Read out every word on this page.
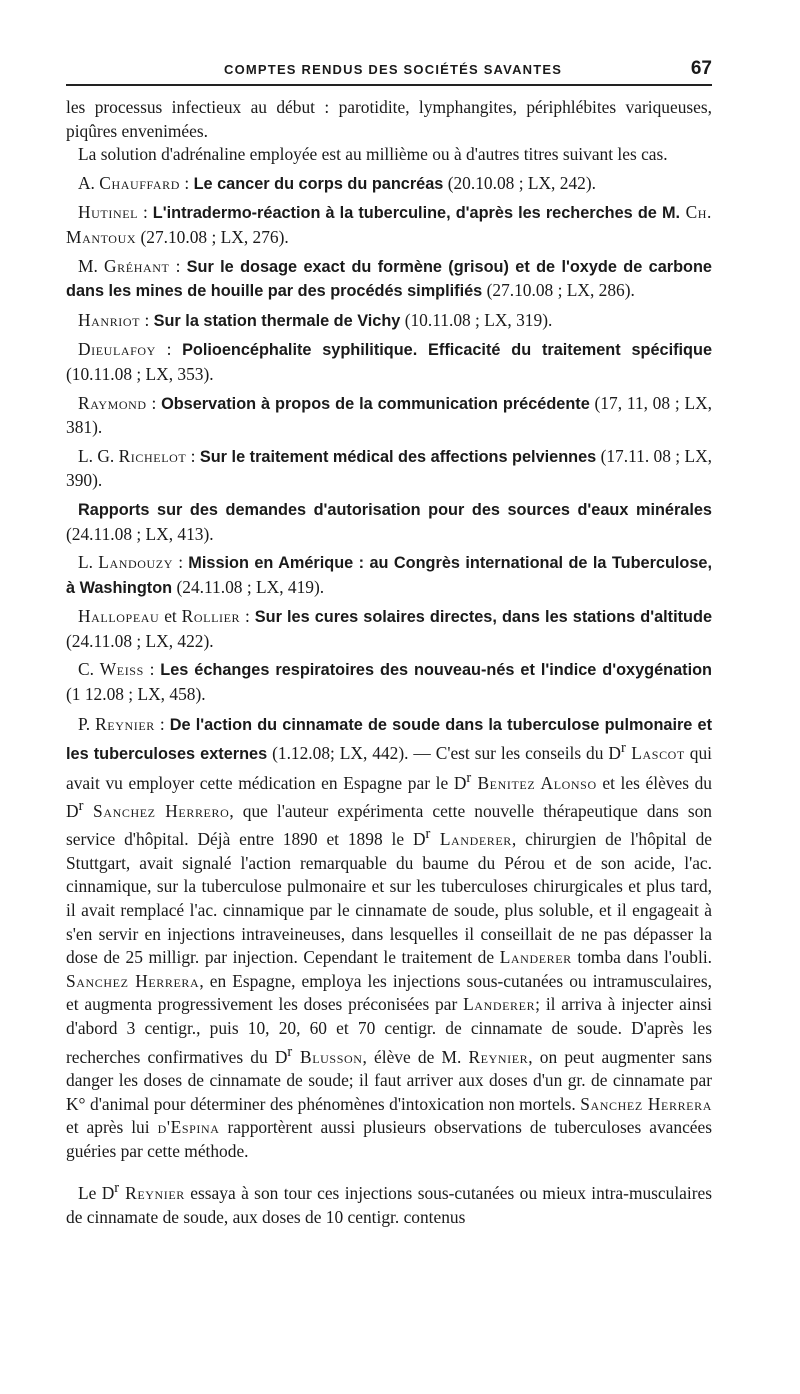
COMPTES RENDUS DES SOCIÉTÉS SAVANTES	67

les processus infectieux au début : parotidite, lymphangites, périphlébites variqueuses, piqûres envenimées.

La solution d'adrénaline employée est au millième ou à d'autres titres suivant les cas.

A. Chauffard : Le cancer du corps du pancréas (20.10.08 ; LX, 242).

Hutinel : L'intradermo-réaction à la tuberculine, d'après les recherches de M. Ch. Mantoux (27.10.08 ; LX, 276).

M. Gréhant : Sur le dosage exact du formène (grisou) et de l'oxyde de carbone dans les mines de houille par des procédés simplifiés (27.10.08 ; LX, 286).

Hanriot : Sur la station thermale de Vichy (10.11.08 ; LX, 319).

Dieulafoy : Polioencéphalite syphilitique. Efficacité du traitement spécifique (10.11.08 ; LX, 353).

Raymond : Observation à propos de la communication précédente (17, 11, 08 ; LX, 381).

L. G. Richelot : Sur le traitement médical des affections pelviennes (17.11. 08 ; LX, 390).

Rapports sur des demandes d'autorisation pour des sources d'eaux minérales (24.11.08 ; LX, 413).

L. Landouzy : Mission en Amérique : au Congrès international de la Tuberculose, à Washington (24.11.08 ; LX, 419).

Hallopeau et Rollier : Sur les cures solaires directes, dans les stations d'altitude (24.11.08 ; LX, 422).

C. Weiss : Les échanges respiratoires des nouveau-nés et l'indice d'oxygénation (1 12.08 ; LX, 458).

P. Reynier : De l'action du cinnamate de soude dans la tuberculose pulmonaire et les tuberculoses externes (1.12.08; LX, 442). — C'est sur les conseils du $D^r$ Lascot qui avait vu employer cette médication en Espagne par le $D^r$ Benitez Alonso et les élèves du $D^r$ Sanchez Herrero, que l'auteur expérimenta cette nouvelle thérapeutique dans son service d'hôpital. Déjà entre 1890 et 1898 le $D^r$ Landerer, chirurgien de l'hôpital de Stuttgart, avait signalé l'action remarquable du baume du Pérou et de son acide, l'ac. cinnamique, sur la tuberculose pulmonaire et sur les tuberculoses chirurgicales et plus tard, il avait remplacé l'ac. cinnamique par le cinnamate de soude, plus soluble, et il engageait à s'en servir en injections intraveineuses, dans lesquelles il conseillait de ne pas dépasser la dose de 25 milligr. par injection. Cependant le traitement de Landerer tomba dans l'oubli. Sanchez Herrera, en Espagne, employa les injections sous-cutanées ou intramusculaires, et augmenta progressivement les doses préconisées par Landerer; il arriva à injecter ainsi d'abord 3 centigr., puis 10, 20, 60 et 70 centigr. de cinnamate de soude. D'après les recherches confirmatives du $D^r$ Blusson, élève de M. Reynier, on peut augmenter sans danger les doses de cinnamate de soude; il faut arriver aux doses d'un gr. de cinnamate par K° d'animal pour déterminer des phénomènes d'intoxication non mortels. Sanchez Herrera et après lui d'Espina rapportèrent aussi plusieurs observations de tuberculoses avancées guéries par cette méthode.

Le $D^r$ Reynier essaya à son tour ces injections sous-cutanées ou mieux intra-musculaires de cinnamate de soude, aux doses de 10 centigr. contenus
